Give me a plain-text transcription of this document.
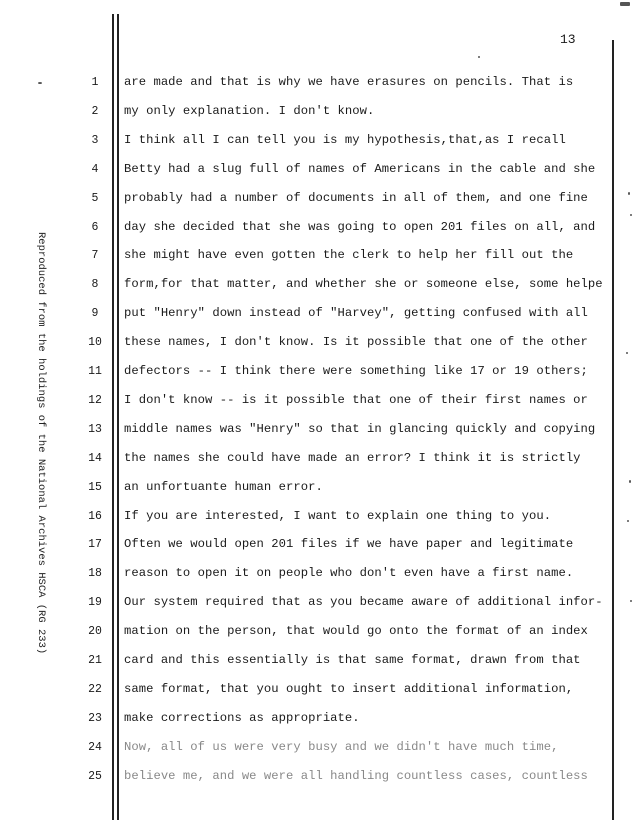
13
Reproduced from the holdings of the National Archives HSCA (RG 233)
1	are made and that is why we have erasures on pencils. That is
2	my only explanation. I don't know.
3	I think all I can tell you is my hypothesis,that,as I recall
4	Betty had a slug full of names of Americans in the cable and she
5	probably had a number of documents in all of them, and one fine
6	day she decided that she was going to open 201 files on all, and
7	she might have even gotten the clerk to help her fill out the
8	form,for that matter, and whether she or someone else, some helpe
9	put "Henry" down instead of "Harvey", getting confused with all
10	these names, I don't know. Is it possible that one of the other
11	defectors -- I think there were something like 17 or 19 others;
12	I don't know -- is it possible that one of their first names or
13	middle names was "Henry" so that in glancing quickly and copying
14	the names she could have made an error? I think it is strictly
15	an unfortuante human error.
16	If you are interested, I want to explain one thing to you.
17	Often we would open 201 files if we have paper and legitimate
18	reason to open it on people who don't even have a first name.
19	Our system required that as you became aware of additional infor-
20	mation on the person, that would go onto the format of an index
21	card and this essentially is that same format, drawn from that
22	same format, that you ought to insert additional information,
23	make corrections as appropriate.
24	Now, all of us were very busy and we didn't have much time,
25	believe me, and we were all handling countless cases, countless
